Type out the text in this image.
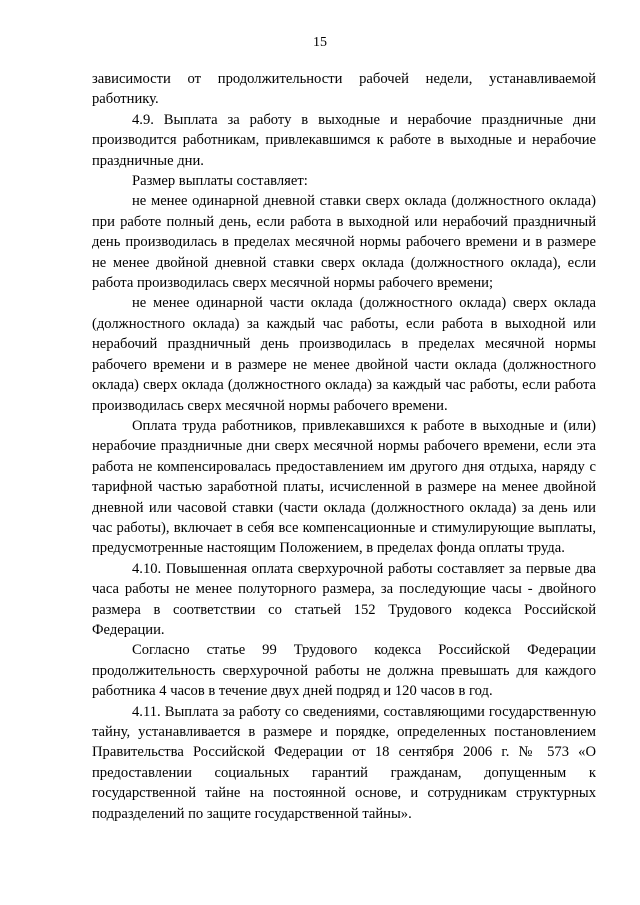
15

зависимости от продолжительности рабочей недели, устанавливаемой работнику.

4.9. Выплата за работу в выходные и нерабочие праздничные дни производится работникам, привлекавшимся к работе в выходные и нерабочие праздничные дни.

Размер выплаты составляет:

не менее одинарной дневной ставки сверх оклада (должностного оклада) при работе полный день, если работа в выходной или нерабочий праздничный день производилась в пределах месячной нормы рабочего времени и в размере не менее двойной дневной ставки сверх оклада (должностного оклада), если работа производилась сверх месячной нормы рабочего времени;

не менее одинарной части оклада (должностного оклада) сверх оклада (должностного оклада) за каждый час работы, если работа в выходной или нерабочий праздничный день производилась в пределах месячной нормы рабочего времени и в размере не менее двойной части оклада (должностного оклада) сверх оклада (должностного оклада) за каждый час работы, если работа производилась сверх месячной нормы рабочего времени.

Оплата труда работников, привлекавшихся к работе в выходные и (или) нерабочие праздничные дни сверх месячной нормы рабочего времени, если эта работа не компенсировалась предоставлением им другого дня отдыха, наряду с тарифной частью заработной платы, исчисленной в размере на менее двойной дневной или часовой ставки (части оклада (должностного оклада) за день или час работы), включает в себя все компенсационные и стимулирующие выплаты, предусмотренные настоящим Положением, в пределах фонда оплаты труда.

4.10. Повышенная оплата сверхурочной работы составляет за первые два часа работы не менее полуторного размера, за последующие часы - двойного размера в соответствии со статьей 152 Трудового кодекса Российской Федерации.

Согласно статье 99 Трудового кодекса Российской Федерации продолжительность сверхурочной работы не должна превышать для каждого работника 4 часов в течение двух дней подряд и 120 часов в год.

4.11. Выплата за работу со сведениями, составляющими государственную тайну, устанавливается в размере и порядке, определенных постановлением Правительства Российской Федерации от 18 сентября 2006 г. № 573 «О предоставлении социальных гарантий гражданам, допущенным к государственной тайне на постоянной основе, и сотрудникам структурных подразделений по защите государственной тайны».
